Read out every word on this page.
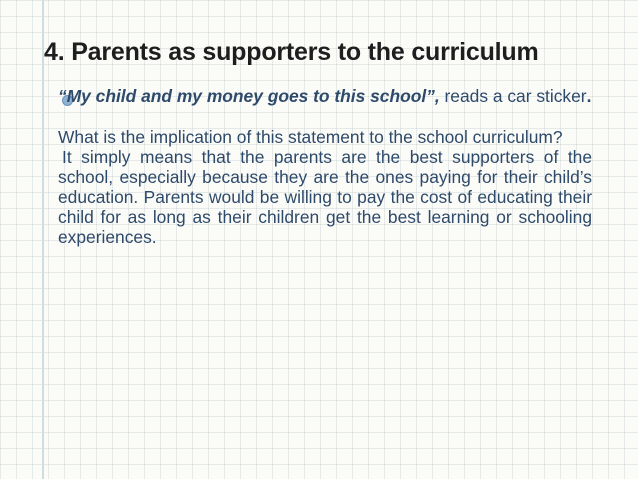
4. Parents as supporters to the curriculum

“My child and my money goes to this school”, reads a car sticker.

What is the implication of this statement to the school curriculum?

It simply means that the parents are the best supporters of the school, especially because they are the ones paying for their child’s education. Parents would be willing to pay the cost of educating their child for as long as their children get the best learning or schooling experiences.
